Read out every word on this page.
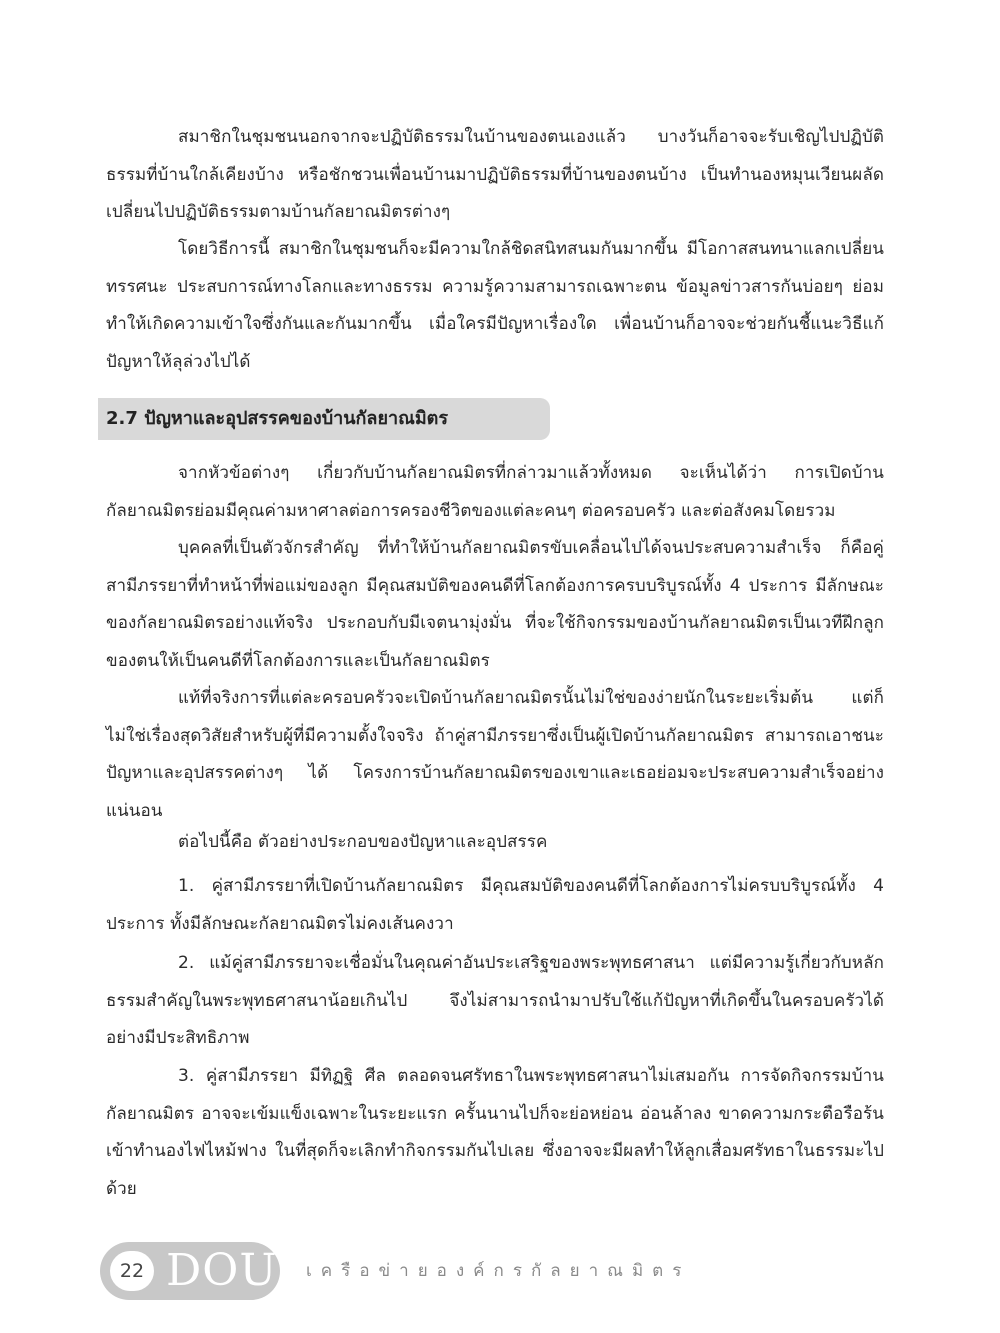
สมาชิกในชุมชนนอกจากจะปฏิบัติธรรมในบ้านของตนเองแล้ว บางวันก็อาจจะรับเชิญไปปฏิบัติธรรมที่บ้านใกล้เคียงบ้าง หรือชักชวนเพื่อนบ้านมาปฏิบัติธรรมที่บ้านของตนบ้าง เป็นทำนองหมุนเวียนผลัดเปลี่ยนไปปฏิบัติธรรมตามบ้านกัลยาณมิตรต่างๆ

โดยวิธีการนี้ สมาชิกในชุมชนก็จะมีความใกล้ชิดสนิทสนมกันมากขึ้น มีโอกาสสนทนาแลกเปลี่ยนทรรศนะ ประสบการณ์ทางโลกและทางธรรม ความรู้ความสามารถเฉพาะตน ข้อมูลข่าวสารกันบ่อยๆ ย่อมทำให้เกิดความเข้าใจซึ่งกันและกันมากขึ้น เมื่อใครมีปัญหาเรื่องใด เพื่อนบ้านก็อาจจะช่วยกันชี้แนะวิธีแก้ปัญหาให้ลุล่วงไปได้

2.7 ปัญหาและอุปสรรคของบ้านกัลยาณมิตร

จากหัวข้อต่างๆ เกี่ยวกับบ้านกัลยาณมิตรที่กล่าวมาแล้วทั้งหมด จะเห็นได้ว่า การเปิดบ้านกัลยาณมิตรย่อมมีคุณค่ามหาศาลต่อการครองชีวิตของแต่ละคนๆ ต่อครอบครัว และต่อสังคมโดยรวม

บุคคลที่เป็นตัวจักรสำคัญ ที่ทำให้บ้านกัลยาณมิตรขับเคลื่อนไปได้จนประสบความสำเร็จ ก็คือคู่สามีภรรยาที่ทำหน้าที่พ่อแม่ของลูก มีคุณสมบัติของคนดีที่โลกต้องการครบบริบูรณ์ทั้ง 4 ประการ มีลักษณะของกัลยาณมิตรอย่างแท้จริง ประกอบกับมีเจตนามุ่งมั่น ที่จะใช้กิจกรรมของบ้านกัลยาณมิตรเป็นเวทีฝึกลูกของตนให้เป็นคนดีที่โลกต้องการและเป็นกัลยาณมิตร

แท้ที่จริงการที่แต่ละครอบครัวจะเปิดบ้านกัลยาณมิตรนั้นไม่ใช่ของง่ายนักในระยะเริ่มต้น แต่ก็ไม่ใช่เรื่องสุดวิสัยสำหรับผู้ที่มีความตั้งใจจริง ถ้าคู่สามีภรรยาซึ่งเป็นผู้เปิดบ้านกัลยาณมิตร สามารถเอาชนะปัญหาและอุปสรรคต่างๆ ได้ โครงการบ้านกัลยาณมิตรของเขาและเธอย่อมจะประสบความสำเร็จอย่างแน่นอน

ต่อไปนี้คือ ตัวอย่างประกอบของปัญหาและอุปสรรค

1. คู่สามีภรรยาที่เปิดบ้านกัลยาณมิตร มีคุณสมบัติของคนดีที่โลกต้องการไม่ครบบริบูรณ์ทั้ง 4 ประการ ทั้งมีลักษณะกัลยาณมิตรไม่คงเส้นคงวา

2. แม้คู่สามีภรรยาจะเชื่อมั่นในคุณค่าอันประเสริฐของพระพุทธศาสนา แต่มีความรู้เกี่ยวกับหลักธรรมสำคัญในพระพุทธศาสนาน้อยเกินไป จึงไม่สามารถนำมาปรับใช้แก้ปัญหาที่เกิดขึ้นในครอบครัวได้อย่างมีประสิทธิภาพ

3. คู่สามีภรรยา มีทิฏฐิ ศีล ตลอดจนศรัทธาในพระพุทธศาสนาไม่เสมอกัน การจัดกิจกรรมบ้านกัลยาณมิตร อาจจะเข้มแข็งเฉพาะในระยะแรก ครั้นนานไปก็จะย่อหย่อน อ่อนล้าลง ขาดความกระตือรือร้นเข้าทำนองไฟไหม้ฟาง ในที่สุดก็จะเลิกทำกิจกรรมกันไปเลย ซึ่งอาจจะมีผลทำให้ลูกเสื่อมศรัทธาในธรรมะไปด้วย

22 DOU เครือข่ายองค์กรกัลยาณมิตร
